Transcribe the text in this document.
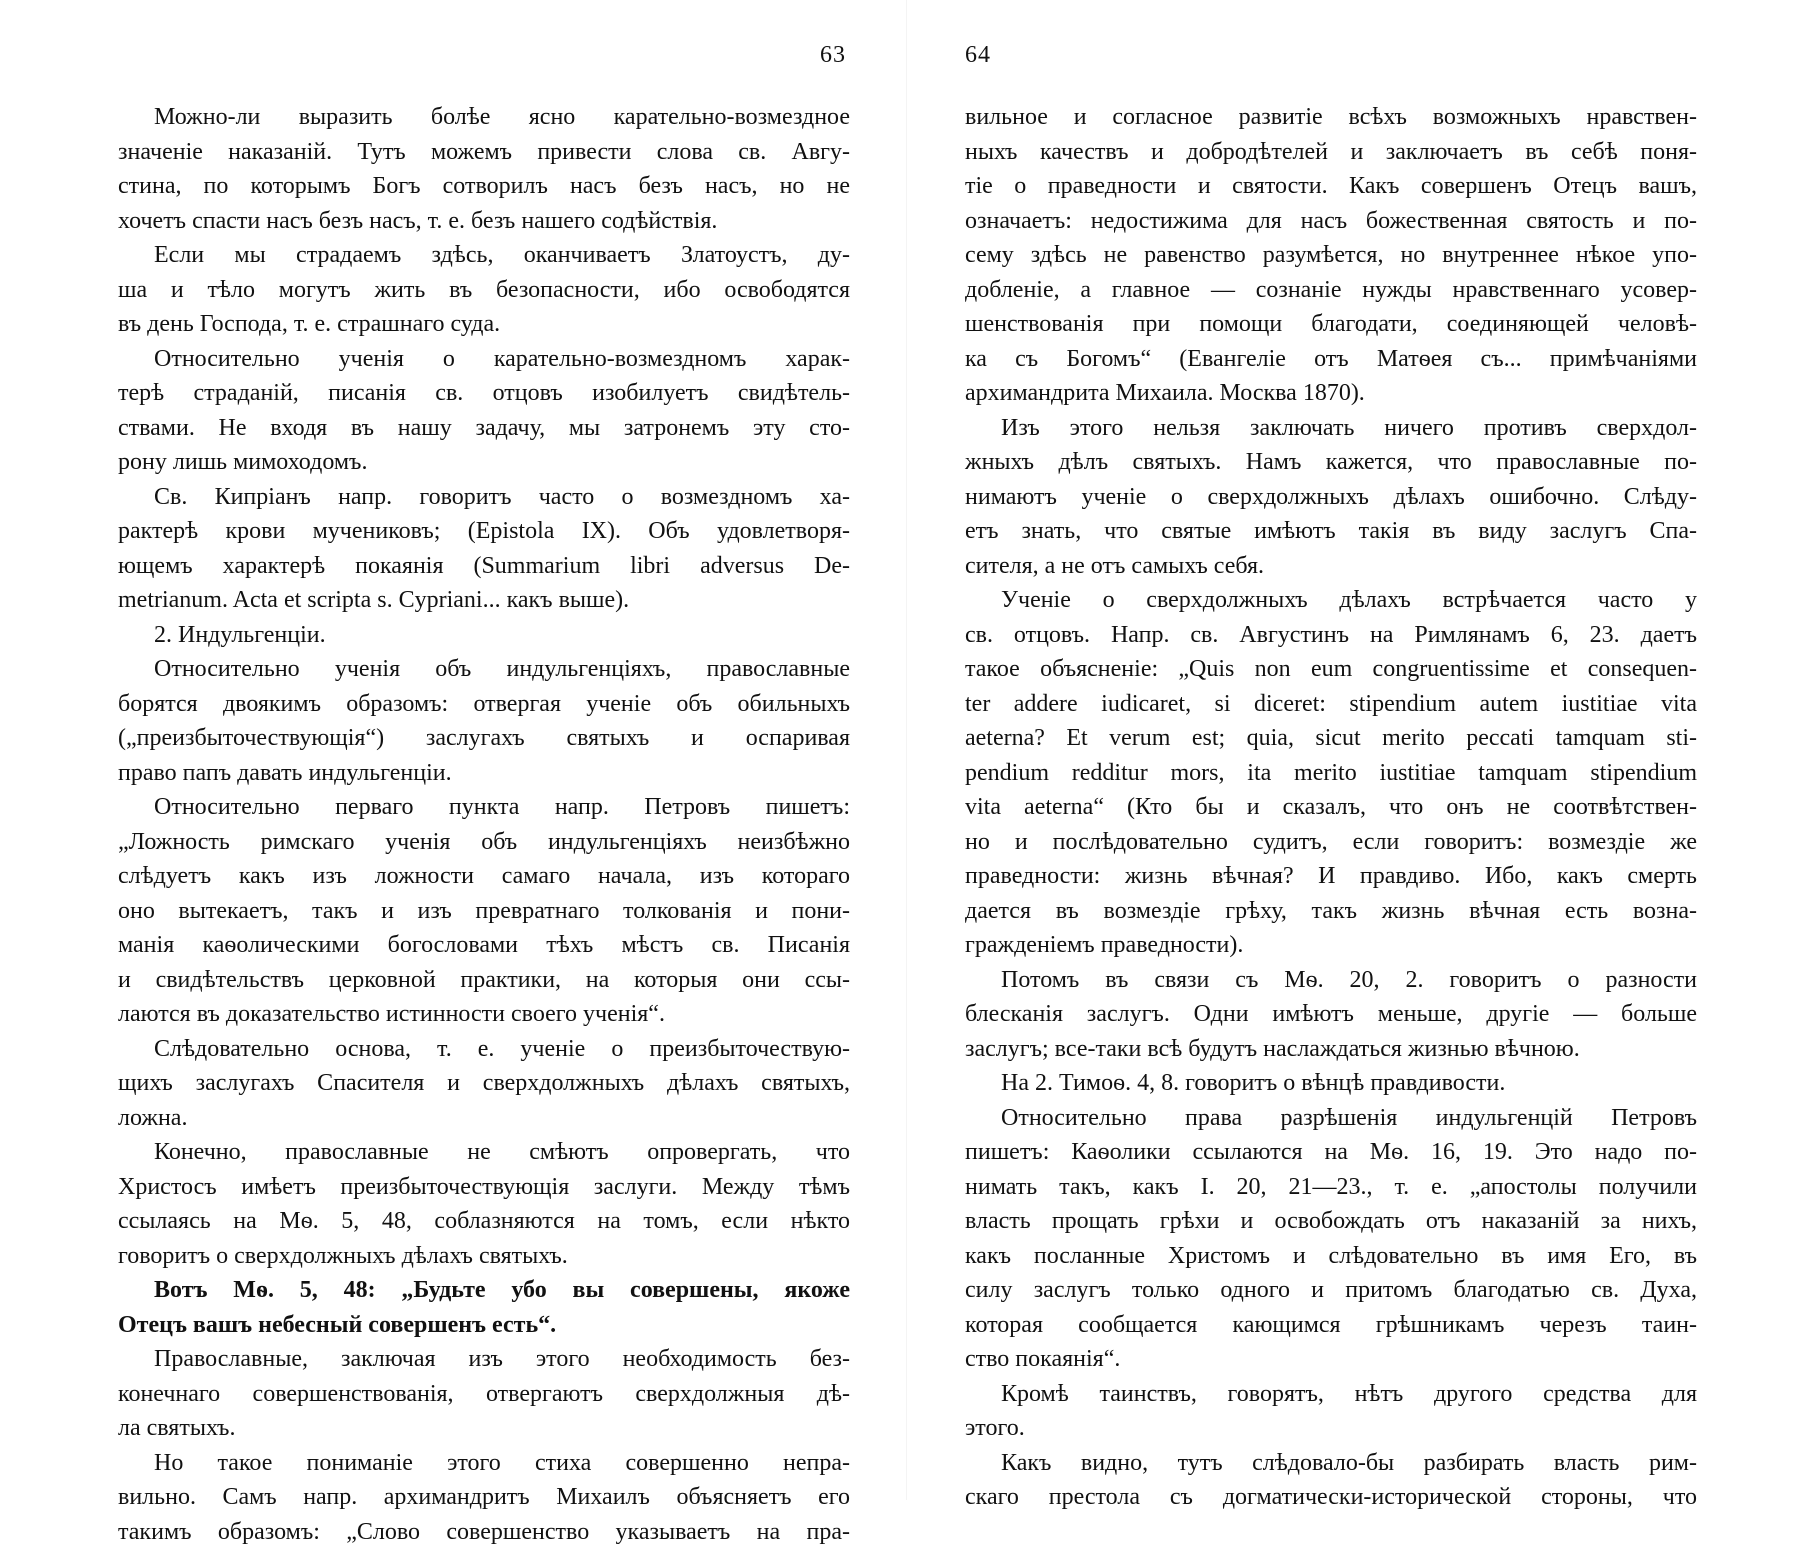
63
Можно-ли выразить болѣе ясно карательно-возмездное
значеніе наказаній. Тутъ можемъ привести слова св. Авгу-
стина, по которымъ Богъ сотворилъ насъ безъ насъ, но не
хочетъ спасти насъ безъ насъ, т. е. безъ нашего содѣйствія.
Если мы страдаемъ здѣсь, оканчиваетъ Златоустъ, ду-
ша и тѣло могутъ жить въ безопасности, ибо освободятся
въ день Господа, т. е. страшнаго суда.
Относительно ученія о карательно-возмездномъ харак-
терѣ страданій, писанія св. отцовъ изобилуетъ свидѣтель-
ствами. Не входя въ нашу задачу, мы затронемъ эту сто-
рону лишь мимоходомъ.
Св. Кипріанъ напр. говоритъ часто о возмездномъ ха-
рактерѣ крови мучениковъ; (Epistola IX). Объ удовлетворя-
ющемъ характерѣ покаянія (Summarium libri adversus De-
metrianum. Acta et scripta s. Cypriani... какъ выше).
2. Индульгенціи.
Относительно ученія объ индульгенціяхъ, православные
борятся двоякимъ образомъ: отвергая ученіе объ обильныхъ
(„преизбыточествующія“) заслугахъ святыхъ и оспаривая
право папъ давать индульгенціи.
Относительно перваго пункта напр. Петровъ пишетъ:
„Ложность римскаго ученія объ индульгенціяхъ неизбѣжно
слѣдуетъ какъ изъ ложности самаго начала, изъ котораго
оно вытекаетъ, такъ и изъ превратнаго толкованія и пони-
манія каѳолическими богословами тѣхъ мѣстъ св. Писанія
и свидѣтельствъ церковной практики, на которыя они ссы-
лаются въ доказательство истинности своего ученія“.
Слѣдовательно основа, т. е. ученіе о преизбыточествую-
щихъ заслугахъ Спасителя и сверхдолжныхъ дѣлахъ святыхъ,
ложна.
Конечно, православные не смѣютъ опровергать, что
Христосъ имѣетъ преизбыточествующія заслуги. Между тѣмъ
ссылаясь на Мѳ. 5, 48, соблазняются на томъ, если нѣкто
говоритъ о сверхдолжныхъ дѣлахъ святыхъ.
Вотъ Мѳ. 5, 48: „Будьте убо вы совершены, якоже
Отецъ вашъ небесный совершенъ есть“.
Православные, заключая изъ этого необходимость без-
конечнаго совершенствованія, отвергаютъ сверхдолжныя дѣ-
ла святыхъ.
Но такое пониманіе этого стиха совершенно непра-
вильно. Самъ напр. архимандритъ Михаилъ объясняетъ его
такимъ образомъ: „Слово совершенство указываетъ на пра-
64
вильное и согласное развитіе всѣхъ возможныхъ нравствен-
ныхъ качествъ и добродѣтелей и заключаетъ въ себѣ поня-
тіе о праведности и святости. Какъ совершенъ Отецъ вашъ,
означаетъ: недостижима для насъ божественная святость и по-
сему здѣсь не равенство разумѣется, но внутреннее нѣкое упо-
добленіе, а главное — сознаніе нужды нравственнаго усовер-
шенствованія при помощи благодати, соединяющей человѣ-
ка съ Богомъ“ (Евангеліе отъ Матѳея съ... примѣчаніями
архимандрита Михаила. Москва 1870).
Изъ этого нельзя заключать ничего противъ сверхдол-
жныхъ дѣлъ святыхъ. Намъ кажется, что православные по-
нимаютъ ученіе о сверхдолжныхъ дѣлахъ ошибочно. Слѣду-
етъ знать, что святые имѣютъ такія въ виду заслугъ Спа-
сителя, а не отъ самыхъ себя.
Ученіе о сверхдолжныхъ дѣлахъ встрѣчается часто у
св. отцовъ. Напр. св. Августинъ на Римлянамъ 6, 23. даетъ
такое объясненіе: „Quis non eum congruentissime et consequen-
ter addere iudicaret, si diceret: stipendium autem iustitiae vita
aeterna? Et verum est; quia, sicut merito peccati tamquam sti-
pendium redditur mors, ita merito iustitiae tamquam stipendium
vita aeterna“ (Кто бы и сказалъ, что онъ не соотвѣтствен-
но и послѣдовательно судитъ, если говоритъ: возмездіе же
праведности: жизнь вѣчная? И правдиво. Ибо, какъ смерть
дается въ возмездіе грѣху, такъ жизнь вѣчная есть возна-
гражденіемъ праведности).
Потомъ въ связи съ Мѳ. 20, 2. говоритъ о разности
блесканія заслугъ. Одни имѣютъ меньше, другіе — больше
заслугъ; все-таки всѣ будутъ наслаждаться жизнью вѣчною.
На 2. Тимоѳ. 4, 8. говоритъ о вѣнцѣ правдивости.
Относительно права разрѣшенія индульгенцій Петровъ
пишетъ: Каѳолики ссылаются на Мѳ. 16, 19. Это надо по-
нимать такъ, какъ І. 20, 21—23., т. е. „апостолы получили
власть прощать грѣхи и освобождать отъ наказаній за нихъ,
какъ посланные Христомъ и слѣдовательно въ имя Его, въ
силу заслугъ только одного и притомъ благодатью св. Духа,
которая сообщается кающимся грѣшникамъ черезъ таин-
ство покаянія“.
Кромѣ таинствъ, говорятъ, нѣтъ другого средства для
этого.
Какъ видно, тутъ слѣдовало-бы разбирать власть рим-
скаго престола съ догматически-исторической стороны, что
